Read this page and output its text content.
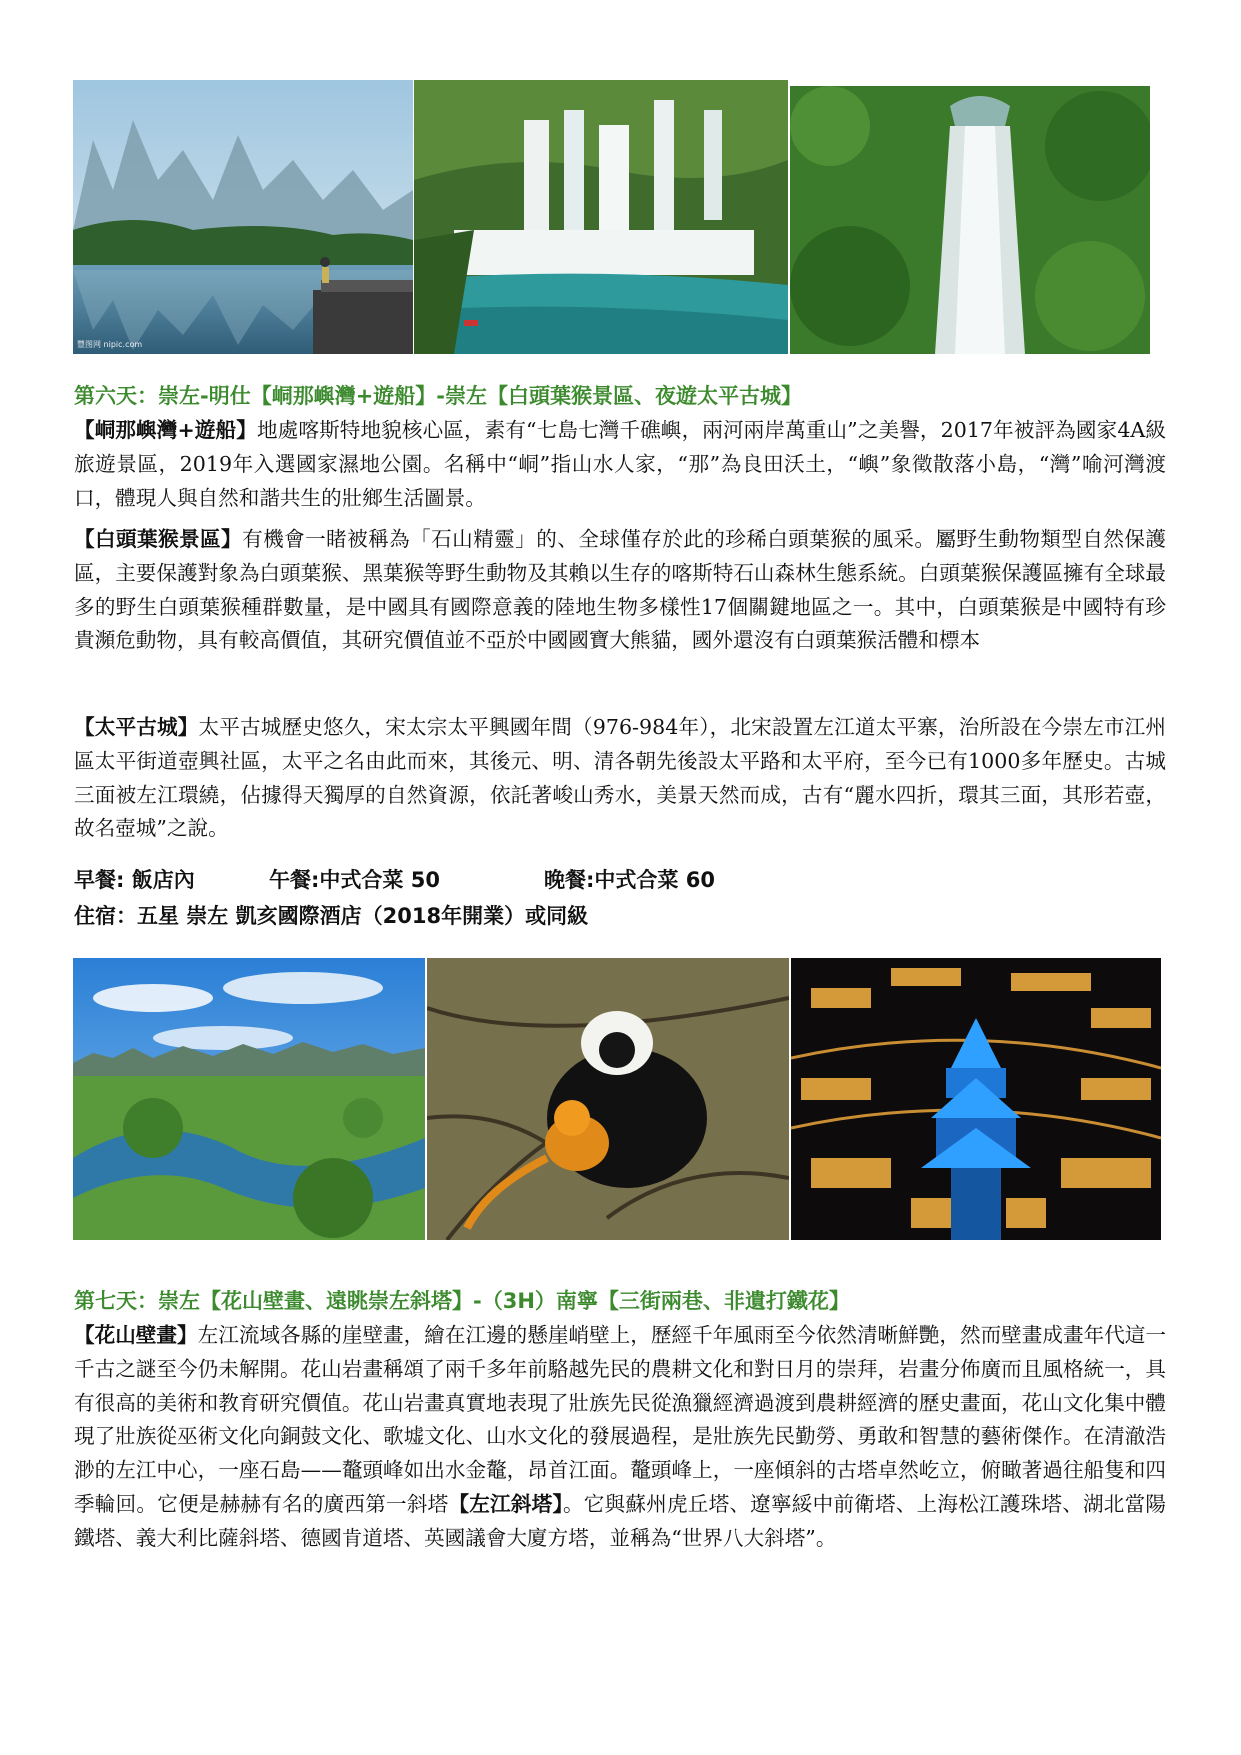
豐图网 nipic.com
第六天：崇左-明仕【峒那嶼灣+遊船】-崇左【白頭葉猴景區、夜遊太平古城】
【峒那嶼灣+遊船】地處喀斯特地貌核心區，素有“七島七灣千礁嶼，兩河兩岸萬重山”之美譽，2017年被評為國家4A級旅遊景區，2019年入選國家濕地公園。名稱中“峒”指山水人家，“那”為良田沃土，“嶼”象徵散落小島，“灣”喻河灣渡口，體現人與自然和諧共生的壯鄉生活圖景。
【白頭葉猴景區】有機會一睹被稱為「石山精靈」的、全球僅存於此的珍稀白頭葉猴的風采。屬野生動物類型自然保護區，主要保護對象為白頭葉猴、黑葉猴等野生動物及其賴以生存的喀斯特石山森林生態系統。白頭葉猴保護區擁有全球最多的野生白頭葉猴種群數量，是中國具有國際意義的陸地生物多樣性17個關鍵地區之一。其中，白頭葉猴是中國特有珍貴瀕危動物，具有較高價值，其研究價值並不亞於中國國寶大熊貓，國外還沒有白頭葉猴活體和標本
【太平古城】太平古城歷史悠久，宋太宗太平興國年間（976-984年），北宋設置左江道太平寨，治所設在今崇左市江州區太平街道壺興社區，太平之名由此而來，其後元、明、清各朝先後設太平路和太平府，至今已有1000多年歷史。古城三面被左江環繞，佔據得天獨厚的自然資源，依託著峻山秀水，美景天然而成，古有“麗水四折，環其三面，其形若壺，故名壺城”之說。
早餐: 飯店內	午餐:中式合菜 50	晚餐:中式合菜 60
住宿：五星 崇左 凱亥國際酒店（2018年開業）或同級
第七天：崇左【花山壁畫、遠眺崇左斜塔】-（3H）南寧【三街兩巷、非遺打鐵花】
【花山壁畫】左江流域各縣的崖壁畫，繪在江邊的懸崖峭壁上，歷經千年風雨至今依然清晰鮮艷，然而壁畫成畫年代這一千古之謎至今仍未解開。花山岩畫稱頌了兩千多年前駱越先民的農耕文化和對日月的崇拜，岩畫分佈廣而且風格統一，具有很高的美術和教育研究價值。花山岩畫真實地表現了壯族先民從漁獵經濟過渡到農耕經濟的歷史畫面，花山文化集中體現了壯族從巫術文化向銅鼓文化、歌墟文化、山水文化的發展過程，是壯族先民勤勞、勇敢和智慧的藝術傑作。在清澈浩渺的左江中心，一座石島——鼇頭峰如出水金鼇，昂首江面。鼇頭峰上，一座傾斜的古塔卓然屹立，俯瞰著過往船隻和四季輪回。它便是赫赫有名的廣西第一斜塔【左江斜塔】。它與蘇州虎丘塔、遼寧綏中前衛塔、上海松江護珠塔、湖北當陽鐵塔、義大利比薩斜塔、德國肯道塔、英國議會大廈方塔，並稱為“世界八大斜塔”。
